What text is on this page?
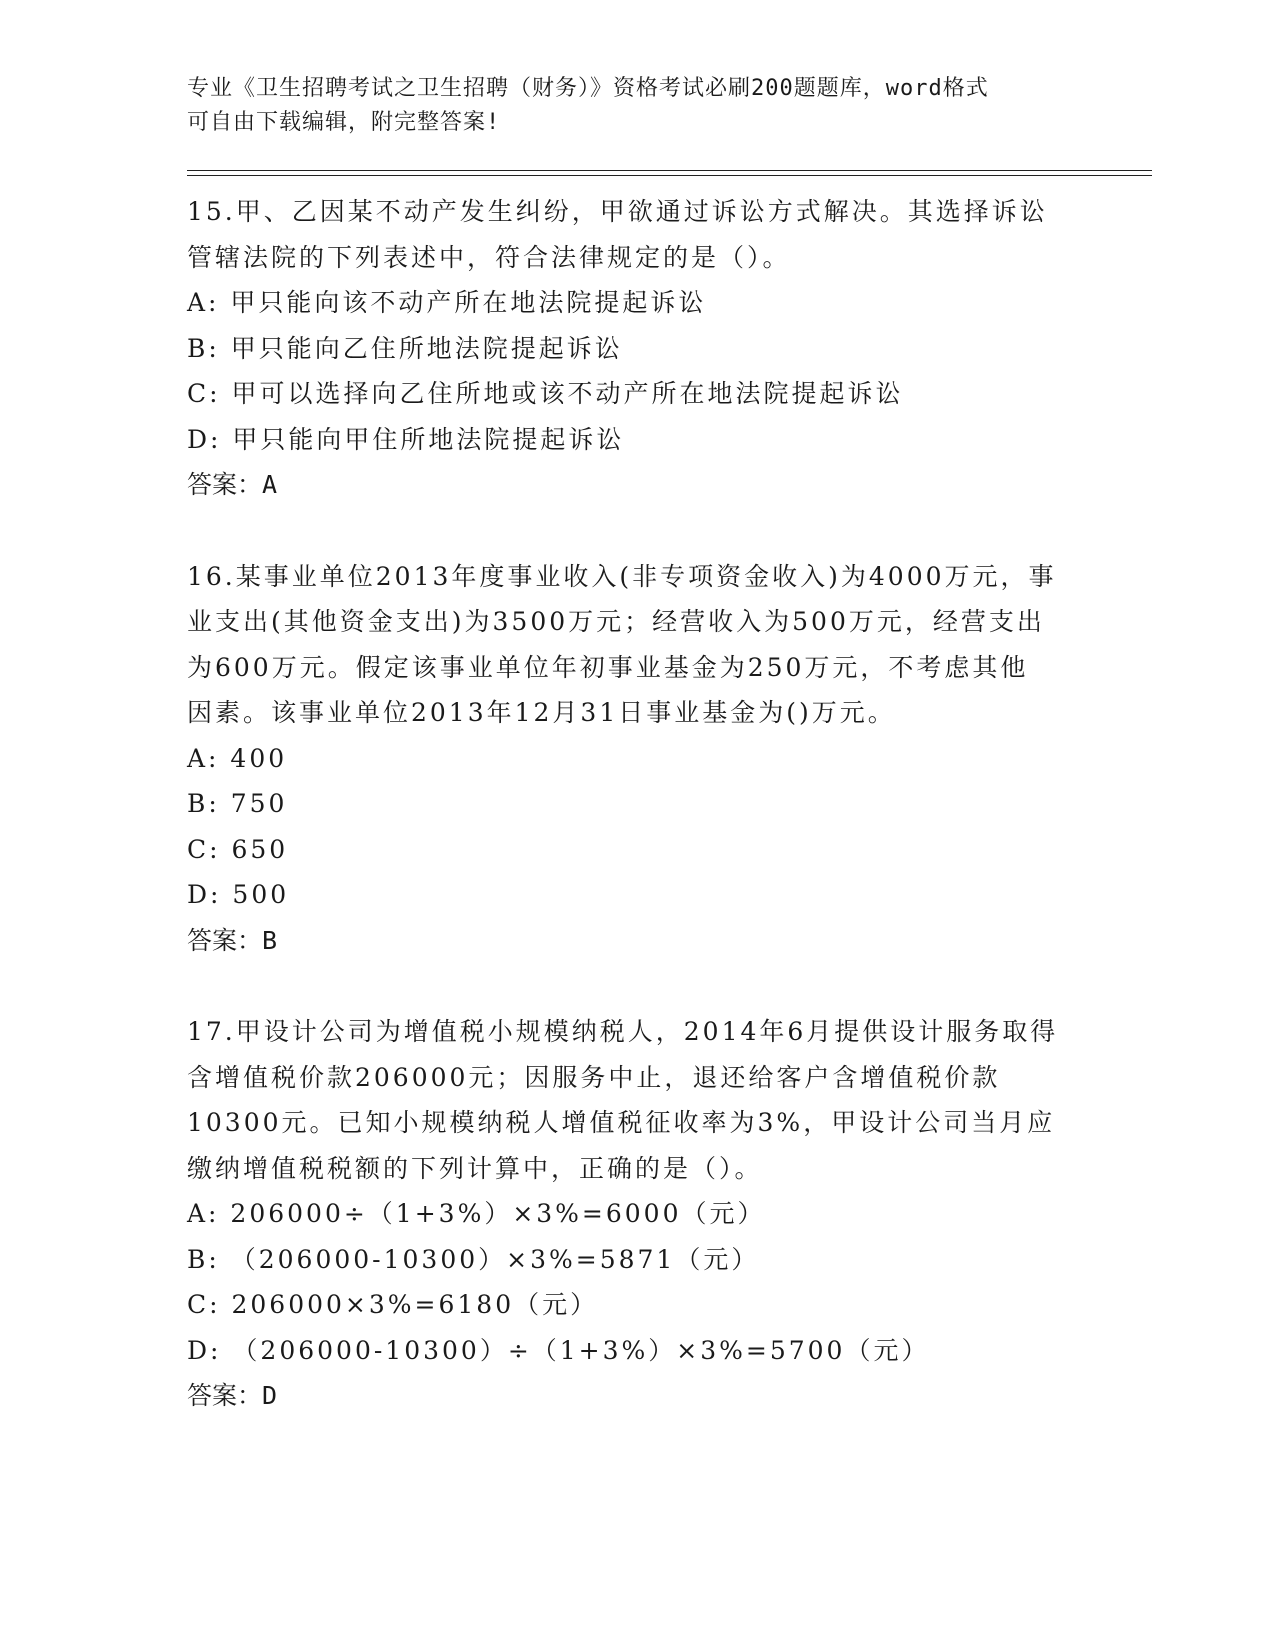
专业《卫生招聘考试之卫生招聘（财务）》资格考试必刷200题题库，word格式
可自由下载编辑，附完整答案!
15.甲、乙因某不动产发生纠纷，甲欲通过诉讼方式解决。其选择诉讼
管辖法院的下列表述中，符合法律规定的是（）。
A: 甲只能向该不动产所在地法院提起诉讼
B: 甲只能向乙住所地法院提起诉讼
C: 甲可以选择向乙住所地或该不动产所在地法院提起诉讼
D: 甲只能向甲住所地法院提起诉讼
答案：A
16.某事业单位2013年度事业收入(非专项资金收入)为4000万元，事
业支出(其他资金支出)为3500万元；经营收入为500万元，经营支出
为600万元。假定该事业单位年初事业基金为250万元，不考虑其他
因素。该事业单位2013年12月31日事业基金为()万元。
A: 400
B: 750
C: 650
D: 500
答案：B
17.甲设计公司为增值税小规模纳税人，2014年6月提供设计服务取得
含增值税价款206000元；因服务中止，退还给客户含增值税价款
10300元。已知小规模纳税人增值税征收率为3%，甲设计公司当月应
缴纳增值税税额的下列计算中，正确的是（）。
A: 206000÷（1+3%）×3%=6000（元）
B: （206000-10300）×3%=5871（元）
C: 206000×3%=6180（元）
D: （206000-10300）÷（1+3%）×3%=5700（元）
答案：D
